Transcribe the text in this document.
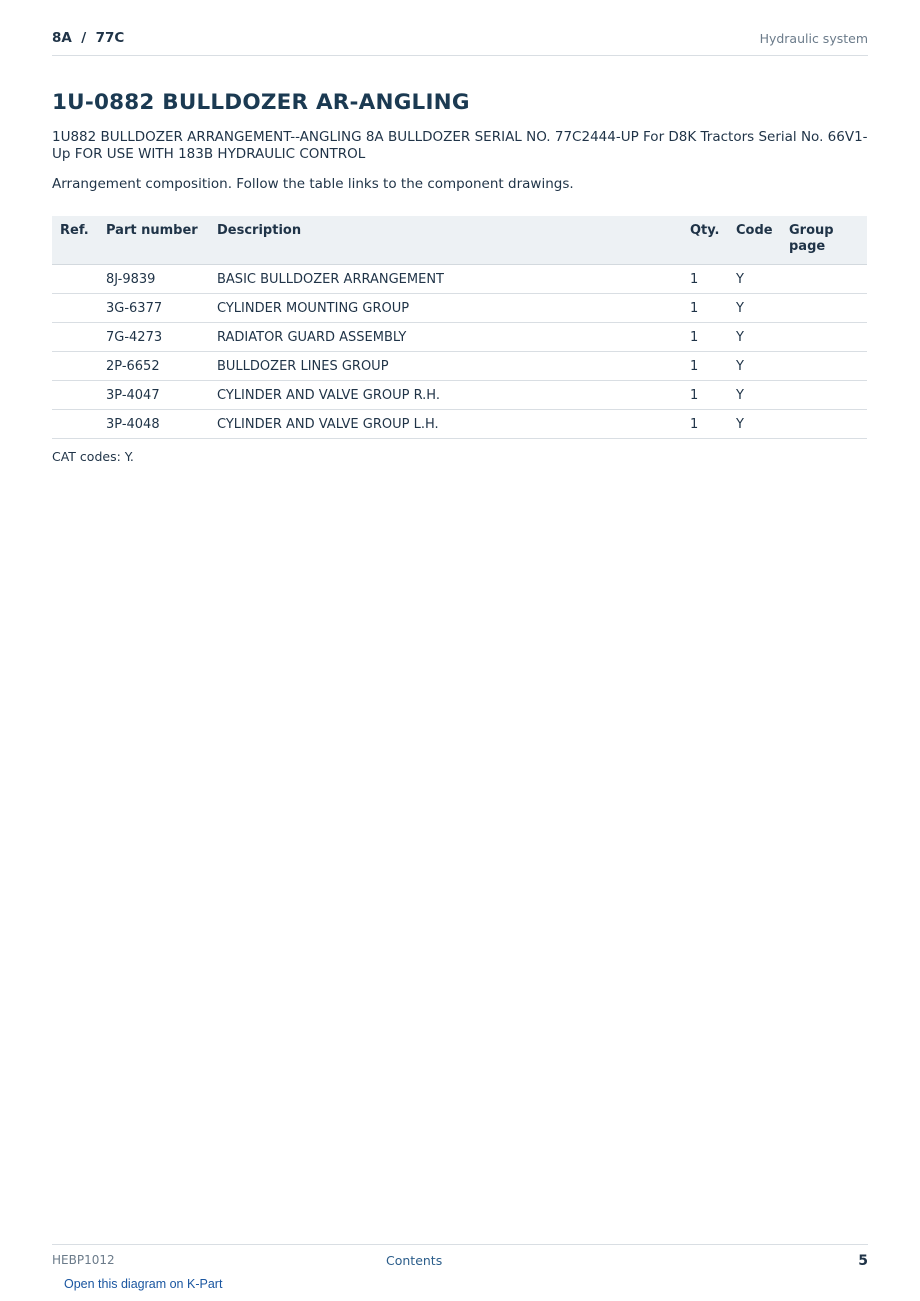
8A  /  77C	Hydraulic system
1U-0882 BULLDOZER AR-ANGLING

1U882 BULLDOZER ARRANGEMENT--ANGLING 8A BULLDOZER SERIAL NO. 77C2444-UP For D8K Tractors Serial No. 66V1-Up FOR USE WITH 183B HYDRAULIC CONTROL

Arrangement composition. Follow the table links to the component drawings.

Ref.	Part number	Description	Qty.	Code	Group page
	8J-9839	BASIC BULLDOZER ARRANGEMENT	1	Y	
	3G-6377	CYLINDER MOUNTING GROUP	1	Y	
	7G-4273	RADIATOR GUARD ASSEMBLY	1	Y	
	2P-6652	BULLDOZER LINES GROUP	1	Y	
	3P-4047	CYLINDER AND VALVE GROUP R.H.	1	Y	
	3P-4048	CYLINDER AND VALVE GROUP L.H.	1	Y	

CAT codes: Y.

HEBP1012	Contents	5
Open this diagram on K-Part
